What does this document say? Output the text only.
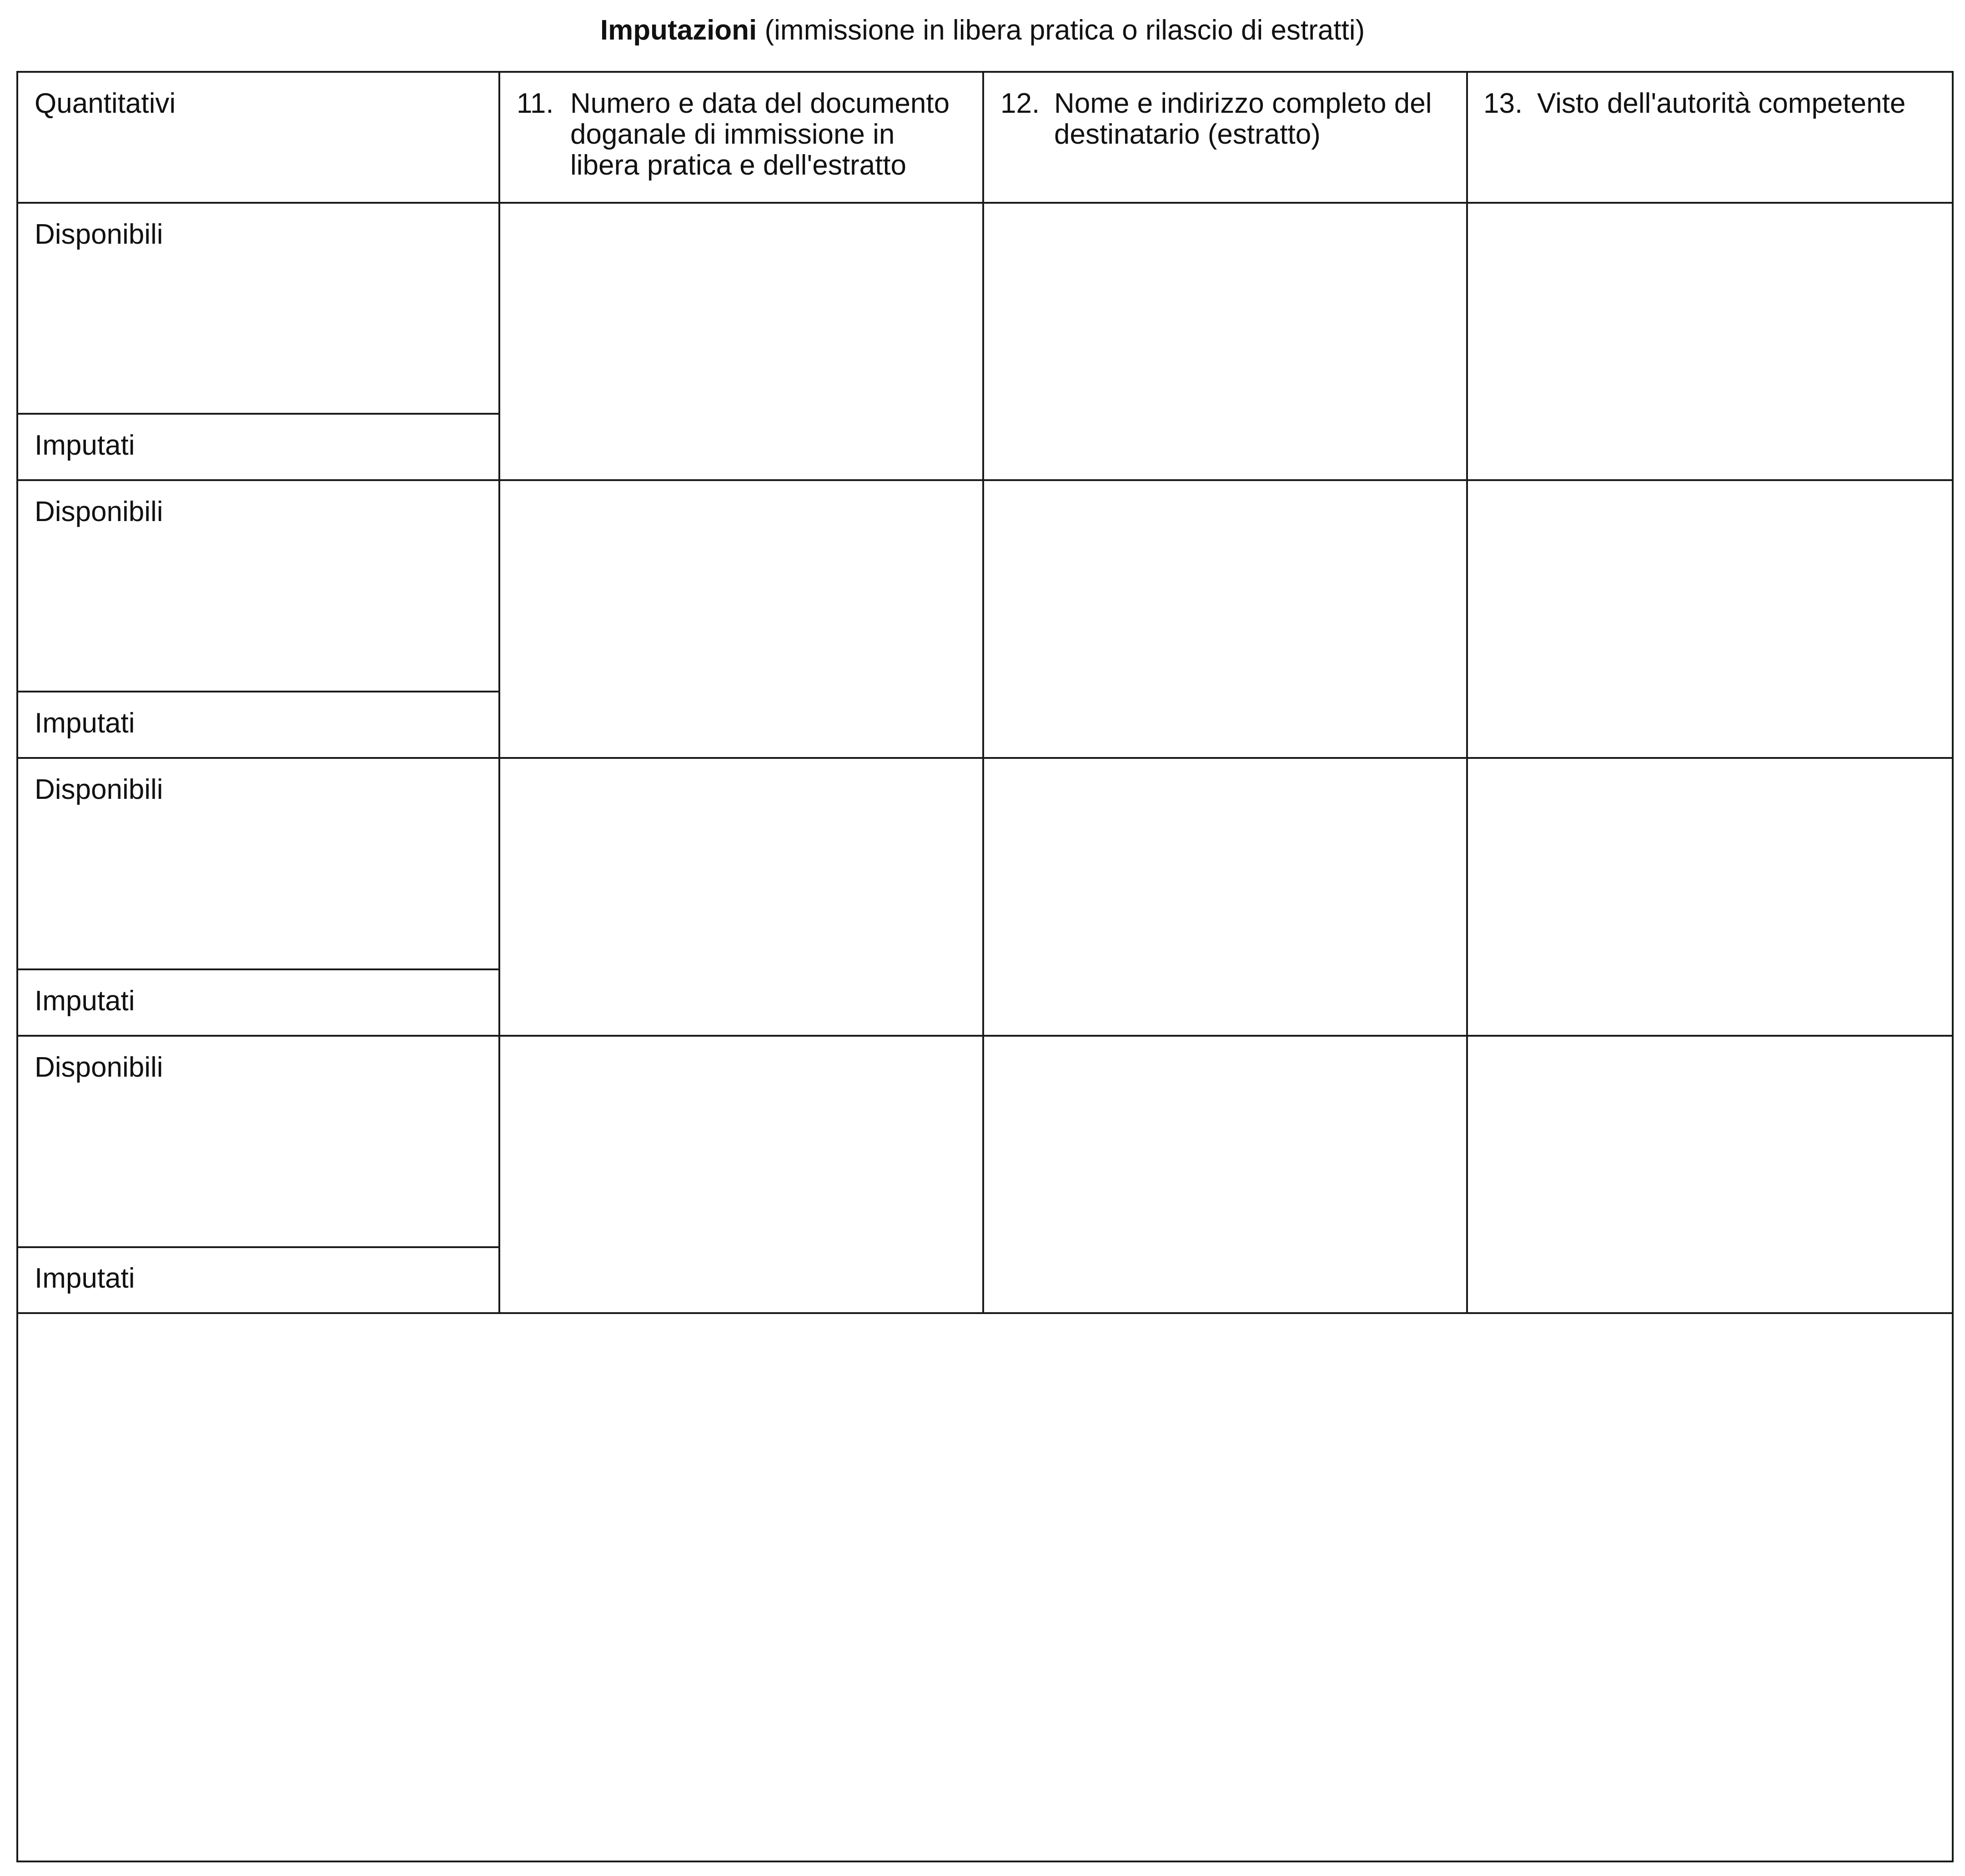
Imputazioni (immissione in libera pratica o rilascio di estratti)
Quantitativi	11. Numero e data del documento doganale di immissione in libera pratica e dell'estratto
12. Nome e indirizzo completo del destinatario (estratto)
13. Visto dell'autorità competente
Disponibili
Imputati
Disponibili
Imputati
Disponibili
Imputati
Disponibili
Imputati
